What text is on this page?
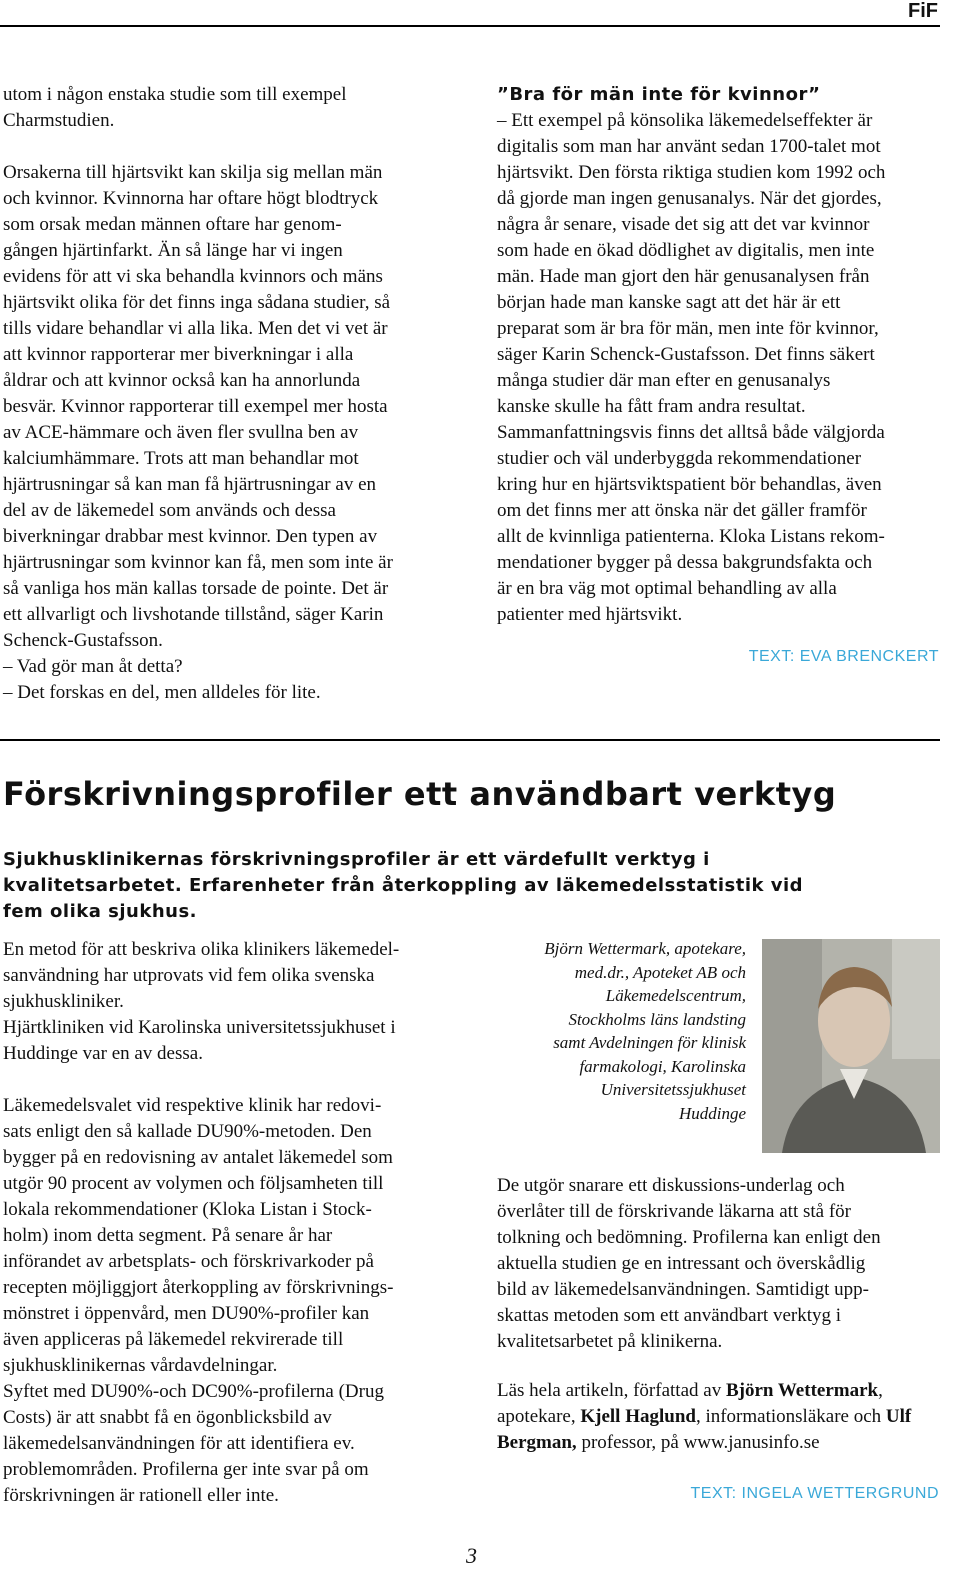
FiF

utom i någon enstaka studie som till exempel

Charmstudien.

Orsakerna till hjärtsvikt kan skilja sig mellan män

och kvinnor. Kvinnorna har oftare högt blodtryck

som orsak medan männen oftare har genom-

gången hjärtinfarkt. Än så länge har vi ingen

evidens för att vi ska behandla kvinnors och mäns

hjärtsvikt olika för det finns inga sådana studier, så

tills vidare behandlar vi alla lika. Men det vi vet är

att kvinnor rapporterar mer biverkningar i alla

åldrar och att kvinnor också kan ha annorlunda

besvär. Kvinnor rapporterar till exempel mer hosta

av ACE-hämmare och även fler svullna ben av

kalciumhämmare. Trots att man behandlar mot

hjärtrusningar så kan man få hjärtrusningar av en

del av de läkemedel som används och dessa

biverkningar drabbar mest kvinnor. Den typen av

hjärtrusningar som kvinnor kan få, men som inte är

så vanliga hos män kallas torsade de pointe. Det är

ett allvarligt och livshotande tillstånd, säger Karin

Schenck-Gustafsson.

– Vad gör man åt detta?

– Det forskas en del, men alldeles för lite.

”Bra för män inte för kvinnor”

– Ett exempel på könsolika läkemedelseffekter är

digitalis som man har använt sedan 1700-talet mot

hjärtsvikt. Den första riktiga studien kom 1992 och

då gjorde man ingen genusanalys. När det gjordes,

några år senare, visade det sig att det var kvinnor

som hade en ökad dödlighet av digitalis, men inte

män. Hade man gjort den här genusanalysen från

början hade man kanske sagt att det här är ett

preparat som är bra för män, men inte för kvinnor,

säger Karin Schenck-Gustafsson. Det finns säkert

många studier där man efter en genusanalys

kanske skulle ha fått fram andra resultat.

Sammanfattningsvis finns det alltså både välgjorda

studier och väl underbyggda rekommendationer

kring hur en hjärtsviktspatient bör behandlas, även

om det finns mer att önska när det gäller framför

allt de kvinnliga patienterna. Kloka Listans rekom-

mendationer bygger på dessa bakgrundsfakta och

är en bra väg mot optimal behandling av alla

patienter med hjärtsvikt.

TEXT: EVA BRENCKERT
Förskrivningsprofiler ett användbart verktyg

Sjukhusklinikernas förskrivningsprofiler är ett värdefullt verktyg i

kvalitetsarbetet. Erfarenheter från återkoppling av läkemedelsstatistik vid

fem olika sjukhus.

En metod för att beskriva olika klinikers läkemedel-

sanvändning har utprovats vid fem olika svenska

sjukhuskliniker.

Hjärtkliniken vid Karolinska universitetssjukhuset i

Huddinge var en av dessa.

Läkemedelsvalet vid respektive klinik har redovi-

sats enligt den så kallade DU90%-metoden. Den

bygger på en redovisning av antalet läkemedel som

utgör 90 procent av volymen och följsamheten till

lokala rekommendationer (Kloka Listan i Stock-

holm) inom detta segment. På senare år har

införandet av arbetsplats- och förskrivarkoder på

recepten möjliggjort återkoppling av förskrivnings-

mönstret i öppenvård, men DU90%-profiler kan

även appliceras på läkemedel rekvirerade till

sjukhusklinikernas vårdavdelningar.

Syftet med DU90%-och DC90%-profilerna (Drug

Costs) är att snabbt få en ögonblicksbild av

läkemedelsanvändningen för att identifiera ev.

problemområden. Profilerna ger inte svar på om

förskrivningen är rationell eller inte.

Björn Wettermark, apotekare,

med.dr., Apoteket AB och

Läkemedelscentrum,

Stockholms läns landsting

samt Avdelningen för klinisk

farmakologi, Karolinska

Universitetssjukhuset

Huddinge

De utgör snarare ett diskussions-underlag och

överlåter till de förskrivande läkarna att stå för

tolkning och bedömning. Profilerna kan enligt den

aktuella studien ge en intressant och överskådlig

bild av läkemedelsanvändningen. Samtidigt upp-

skattas metoden som ett användbart verktyg i

kvalitetsarbetet på klinikerna.

Läs hela artikeln, författad av Björn Wettermark, apotekare, Kjell Haglund, informationsläkare och Ulf Bergman, professor, på www.janusinfo.se
TEXT: INGELA WETTERGRUND
3
